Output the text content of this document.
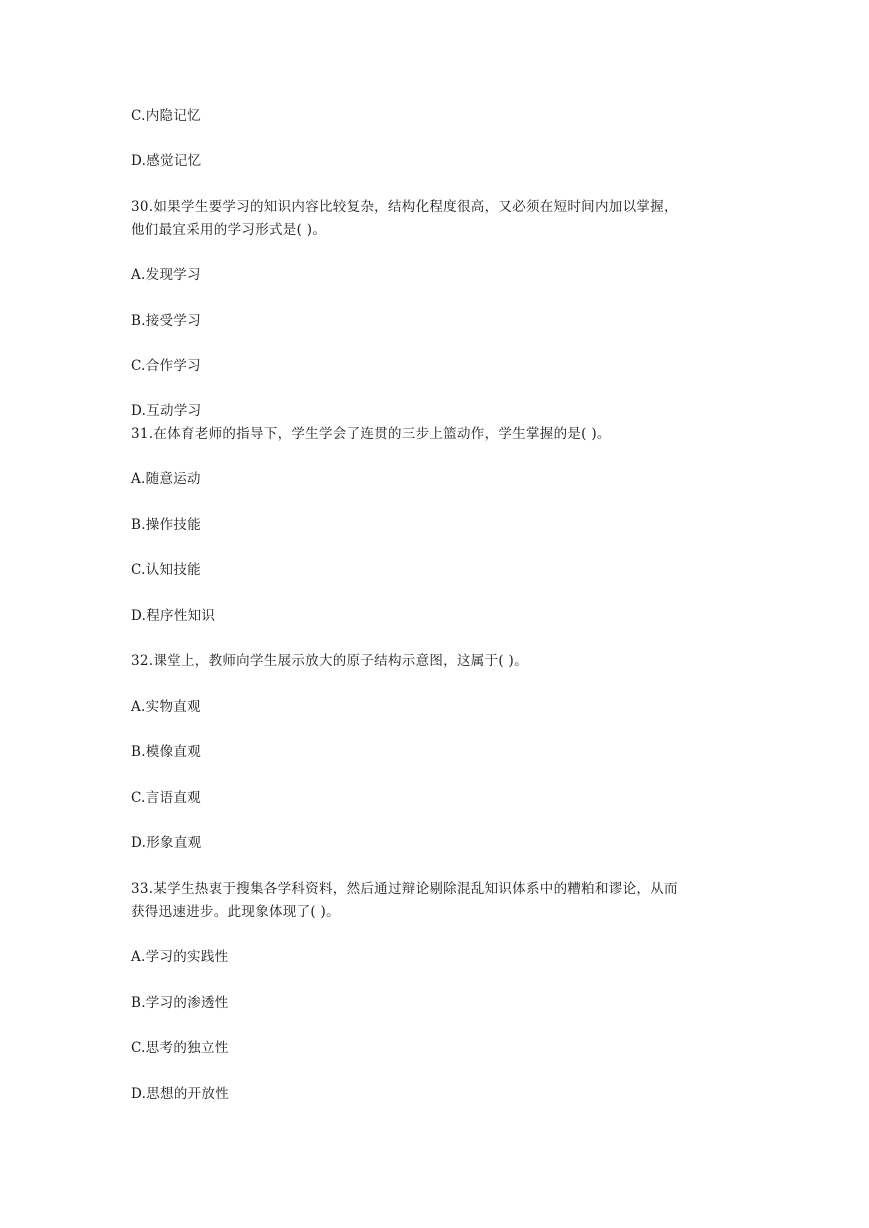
C.内隐记忆
D.感觉记忆
30.如果学生要学习的知识内容比较复杂，结构化程度很高，又必须在短时间内加以掌握，
他们最宜采用的学习形式是( )。
A.发现学习
B.接受学习
C.合作学习
D.互动学习
31.在体育老师的指导下，学生学会了连贯的三步上篮动作，学生掌握的是( )。
A.随意运动
B.操作技能
C.认知技能
D.程序性知识
32.课堂上，教师向学生展示放大的原子结构示意图，这属于( )。
A.实物直观
B.模像直观
C.言语直观
D.形象直观
33.某学生热衷于搜集各学科资料，然后通过辩论剔除混乱知识体系中的糟粕和谬论，从而
获得迅速进步。此现象体现了( )。
A.学习的实践性
B.学习的渗透性
C.思考的独立性
D.思想的开放性
